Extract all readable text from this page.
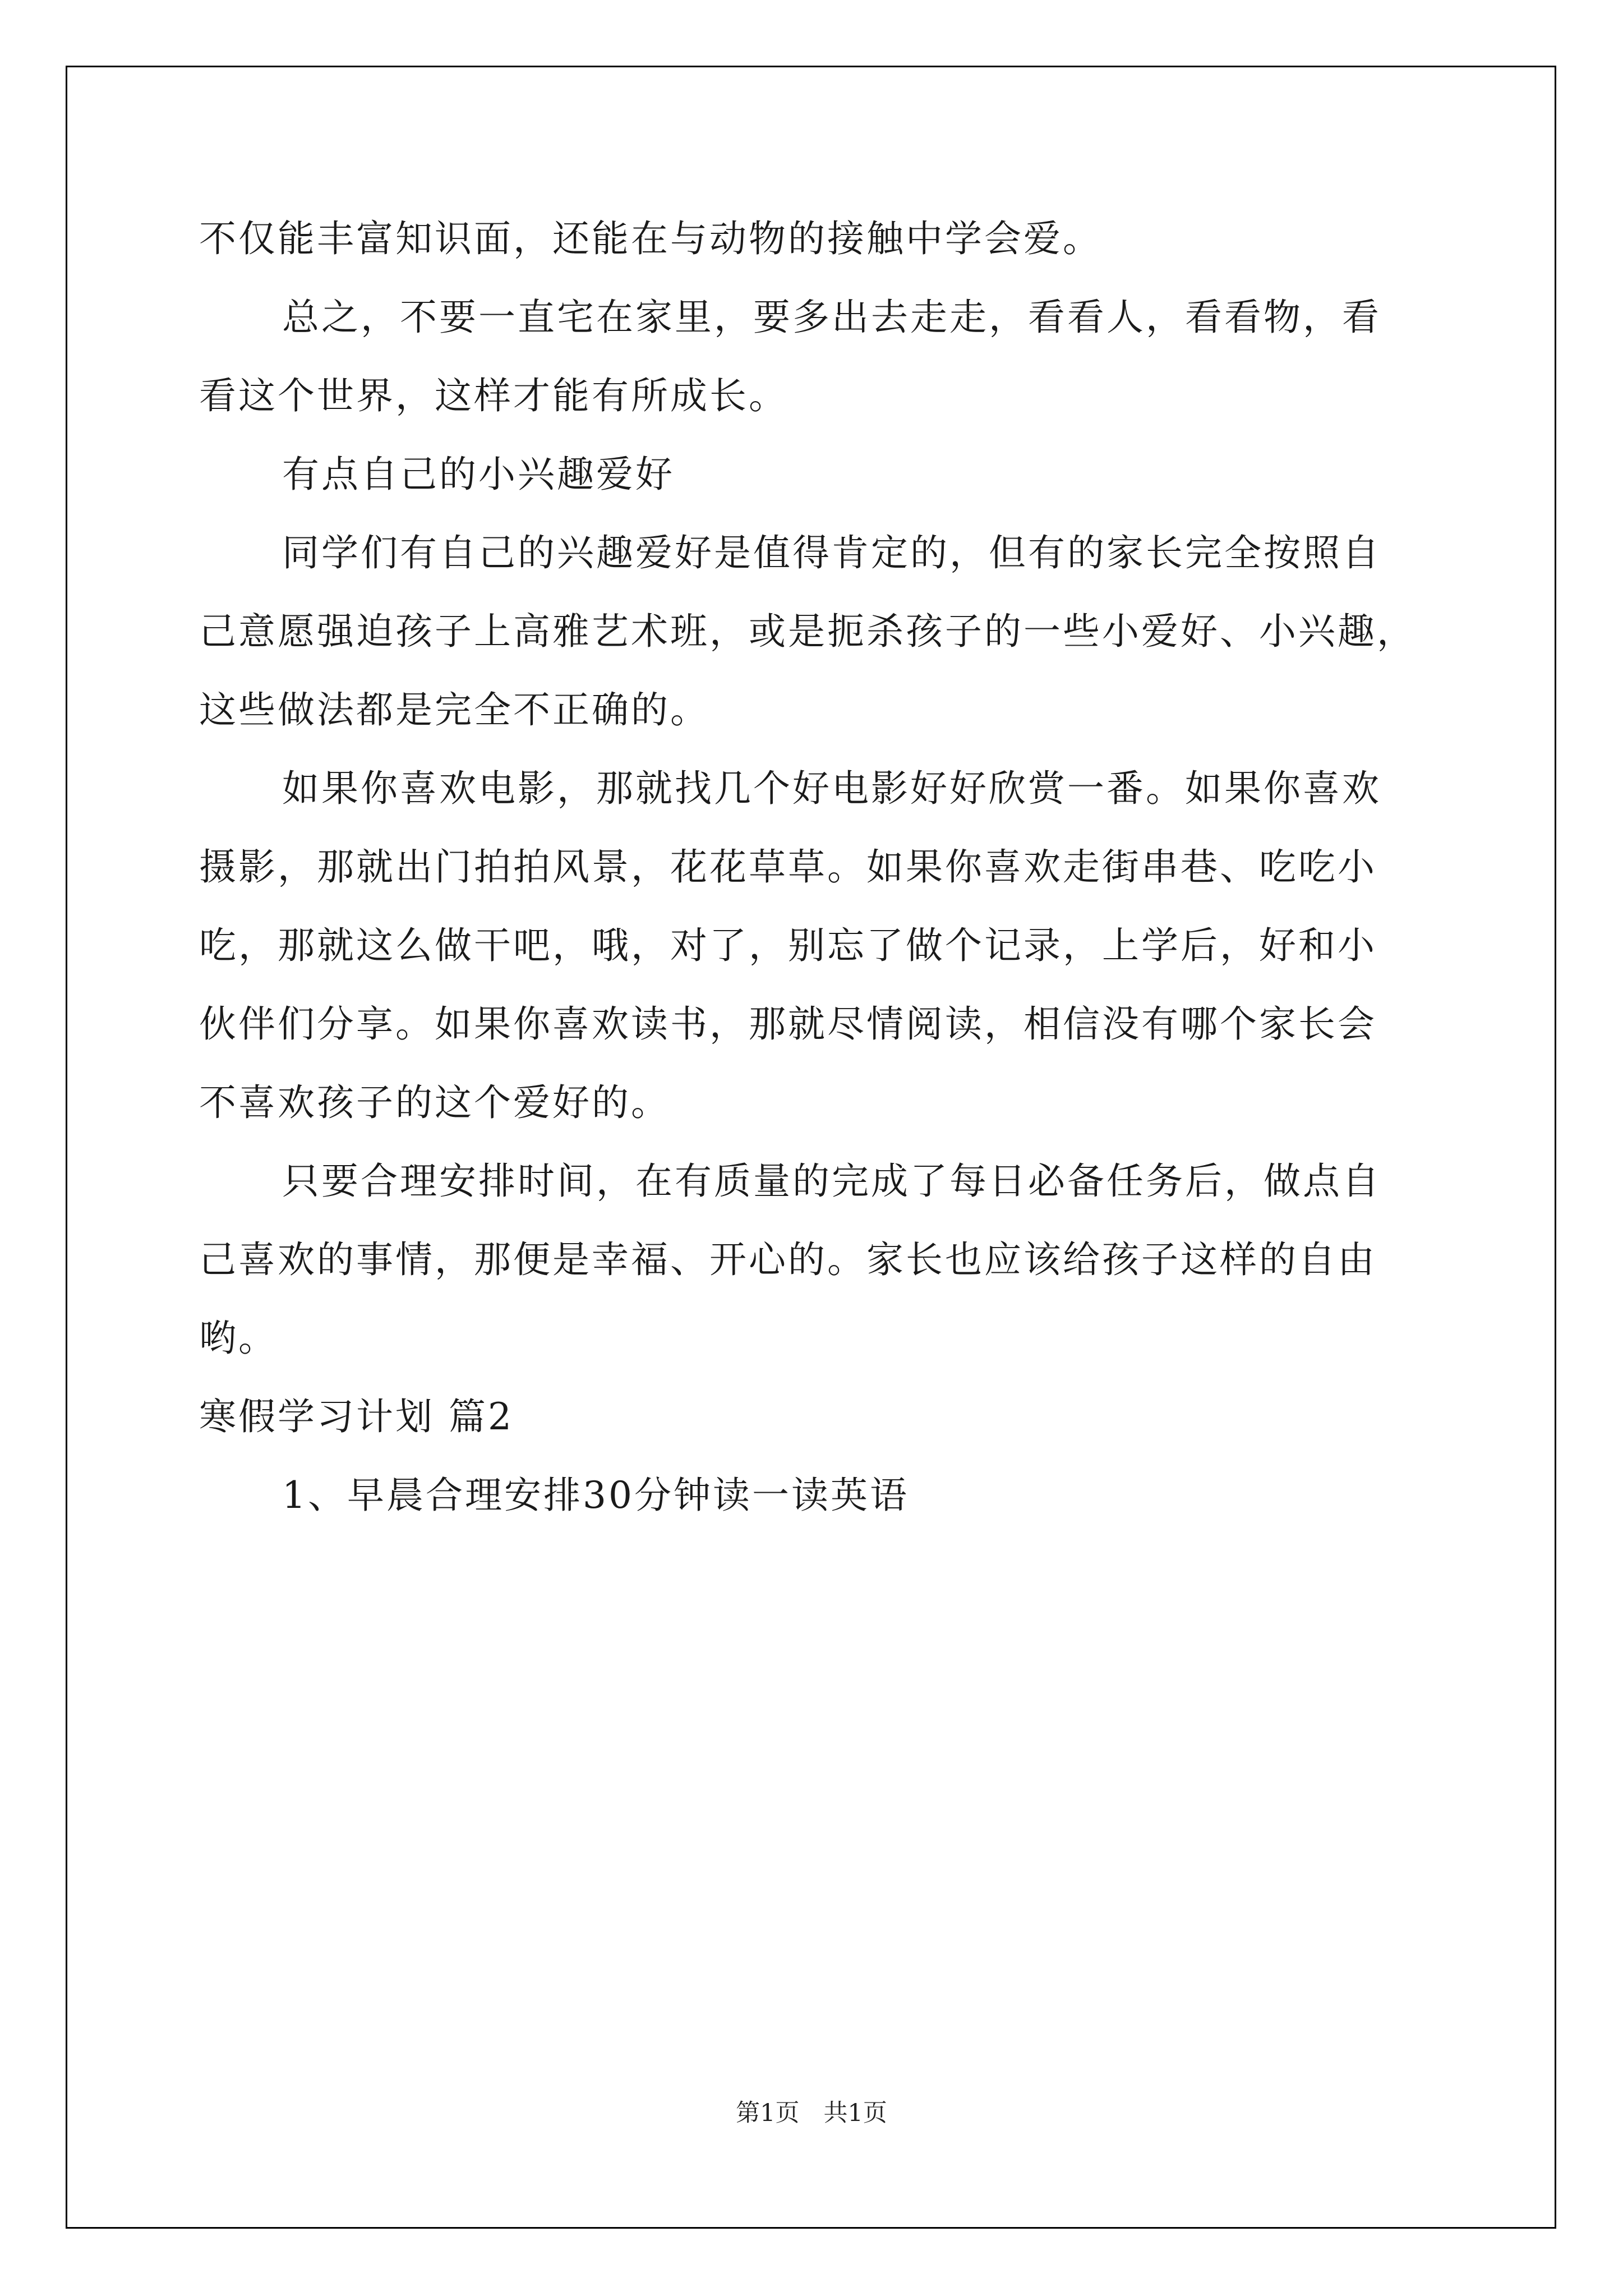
不仅能丰富知识面，还能在与动物的接触中学会爱。
总之，不要一直宅在家里，要多出去走走，看看人，看看物，看
看这个世界，这样才能有所成长。
有点自己的小兴趣爱好
同学们有自己的兴趣爱好是值得肯定的，但有的家长完全按照自
己意愿强迫孩子上高雅艺术班，或是扼杀孩子的一些小爱好、小兴趣，
这些做法都是完全不正确的。
如果你喜欢电影，那就找几个好电影好好欣赏一番。如果你喜欢
摄影，那就出门拍拍风景，花花草草。如果你喜欢走街串巷、吃吃小
吃，那就这么做干吧，哦，对了，别忘了做个记录，上学后，好和小
伙伴们分享。如果你喜欢读书，那就尽情阅读，相信没有哪个家长会
不喜欢孩子的这个爱好的。
只要合理安排时间，在有质量的完成了每日必备任务后，做点自
己喜欢的事情，那便是幸福、开心的。家长也应该给孩子这样的自由
哟。
寒假学习计划 篇2
1、早晨合理安排30分钟读一读英语
第1页　共1页
